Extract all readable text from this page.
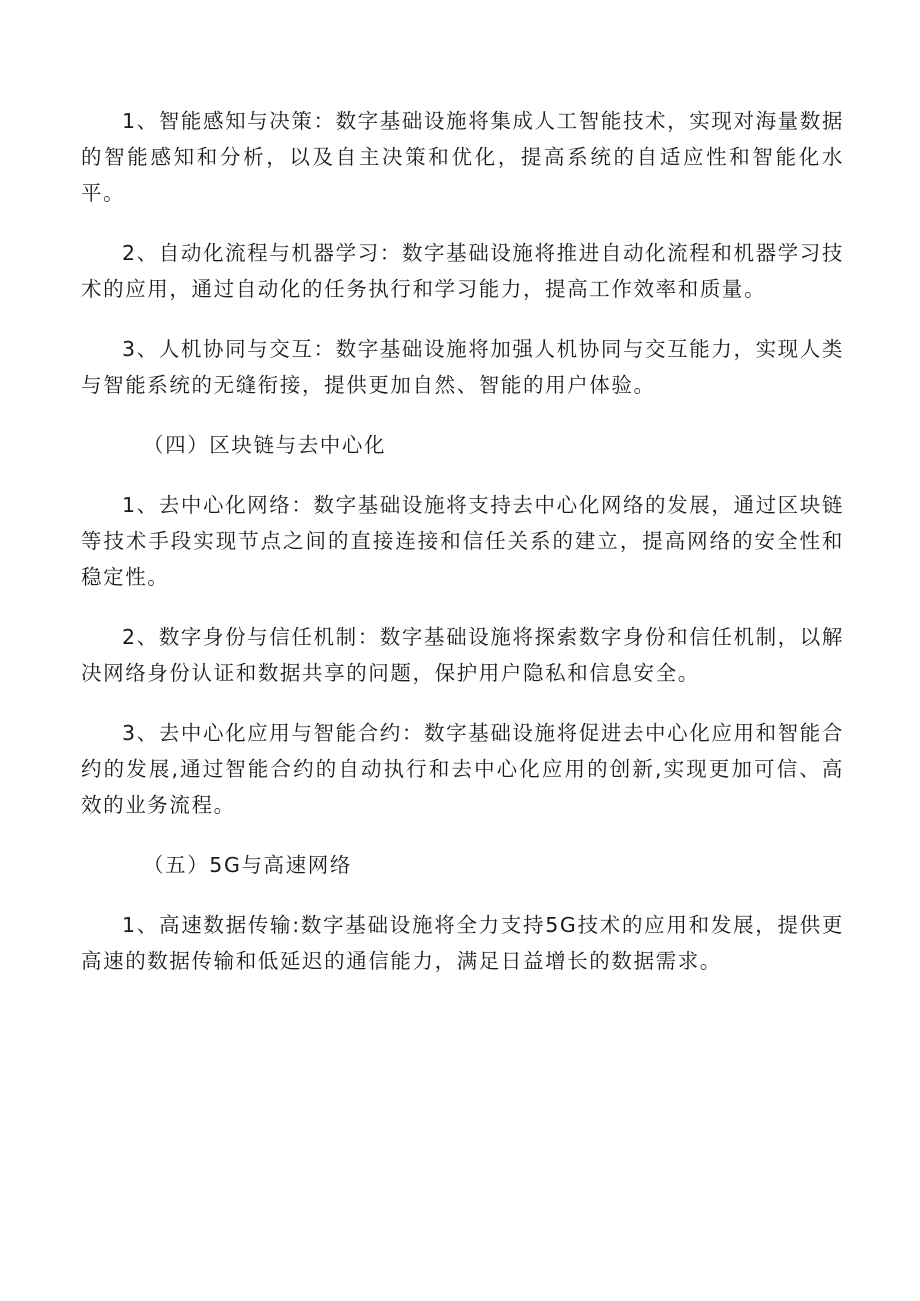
1、智能感知与决策：数字基础设施将集成人工智能技术，实现对海量数据的智能感知和分析，以及自主决策和优化，提高系统的自适应性和智能化水平。

2、自动化流程与机器学习：数字基础设施将推进自动化流程和机器学习技术的应用，通过自动化的任务执行和学习能力，提高工作效率和质量。

3、人机协同与交互：数字基础设施将加强人机协同与交互能力，实现人类与智能系统的无缝衔接，提供更加自然、智能的用户体验。

（四）区块链与去中心化

1、去中心化网络：数字基础设施将支持去中心化网络的发展，通过区块链等技术手段实现节点之间的直接连接和信任关系的建立，提高网络的安全性和稳定性。

2、数字身份与信任机制：数字基础设施将探索数字身份和信任机制，以解决网络身份认证和数据共享的问题，保护用户隐私和信息安全。

3、去中心化应用与智能合约：数字基础设施将促进去中心化应用和智能合约的发展,通过智能合约的自动执行和去中心化应用的创新,实现更加可信、高效的业务流程。

（五）5G与高速网络

1、高速数据传输:数字基础设施将全力支持5G技术的应用和发展，提供更高速的数据传输和低延迟的通信能力，满足日益增长的数据需求。
